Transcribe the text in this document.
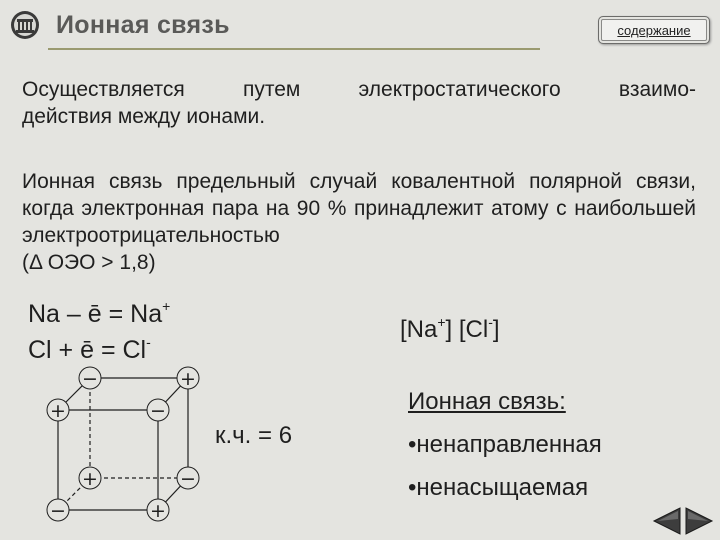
Ионная связь	содержание
Осуществляется путем электростатического взаимо-
действия между ионами.
Ионная связь предельный случай ковалентной полярной связи, когда электронная пара на 90 % принадлежит атому с наибольшей электроотрицательностью
(Δ ОЭО > 1,8)
Na – ē = Na+
Cl + ē = Cl-	[Na+] [Cl-]
−	+
+	−
+	−
−	+
к.ч. = 6
Ионная связь:
•ненаправленная
•ненасыщаемая
